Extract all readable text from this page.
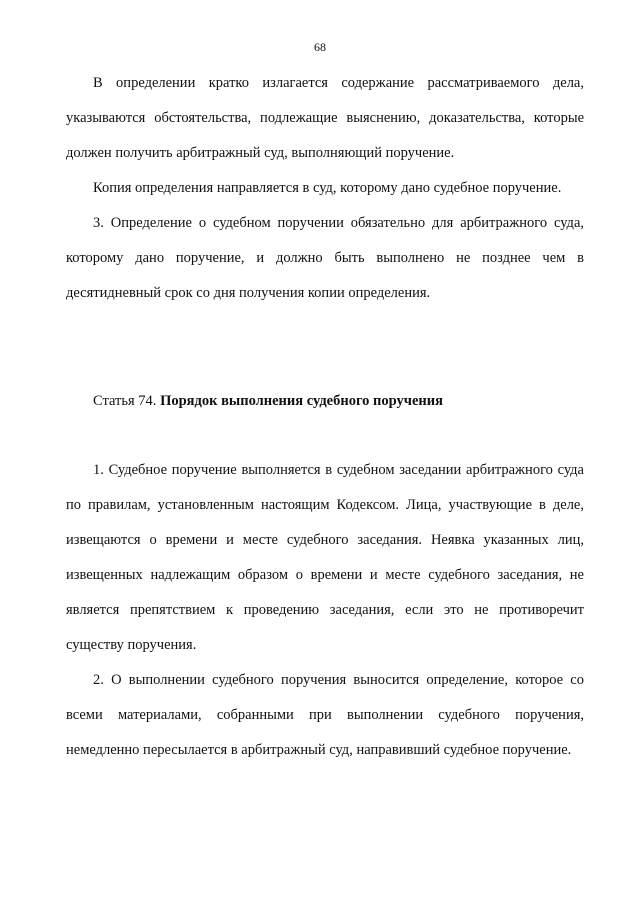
68

В определении кратко излагается содержание рассматриваемого дела, указываются обстоятельства, подлежащие выяснению, доказательства, которые должен получить арбитражный суд, выполняющий поручение.

Копия определения направляется в суд, которому дано судебное поручение.

3. Определение о судебном поручении обязательно для арбитражного суда, которому дано поручение, и должно быть выполнено не позднее чем в десятидневный срок со дня получения копии определения.

Статья 74. Порядок выполнения судебного поручения

1. Судебное поручение выполняется в судебном заседании арбитражного суда по правилам, установленным настоящим Кодексом. Лица, участвующие в деле, извещаются о времени и месте судебного заседания. Неявка указанных лиц, извещенных надлежащим образом о времени и месте судебного заседания, не является препятствием к проведению заседания, если это не противоречит существу поручения.

2. О выполнении судебного поручения выносится определение, которое со всеми материалами, собранными при выполнении судебного поручения, немедленно пересылается в арбитражный суд, направивший судебное поручение.
